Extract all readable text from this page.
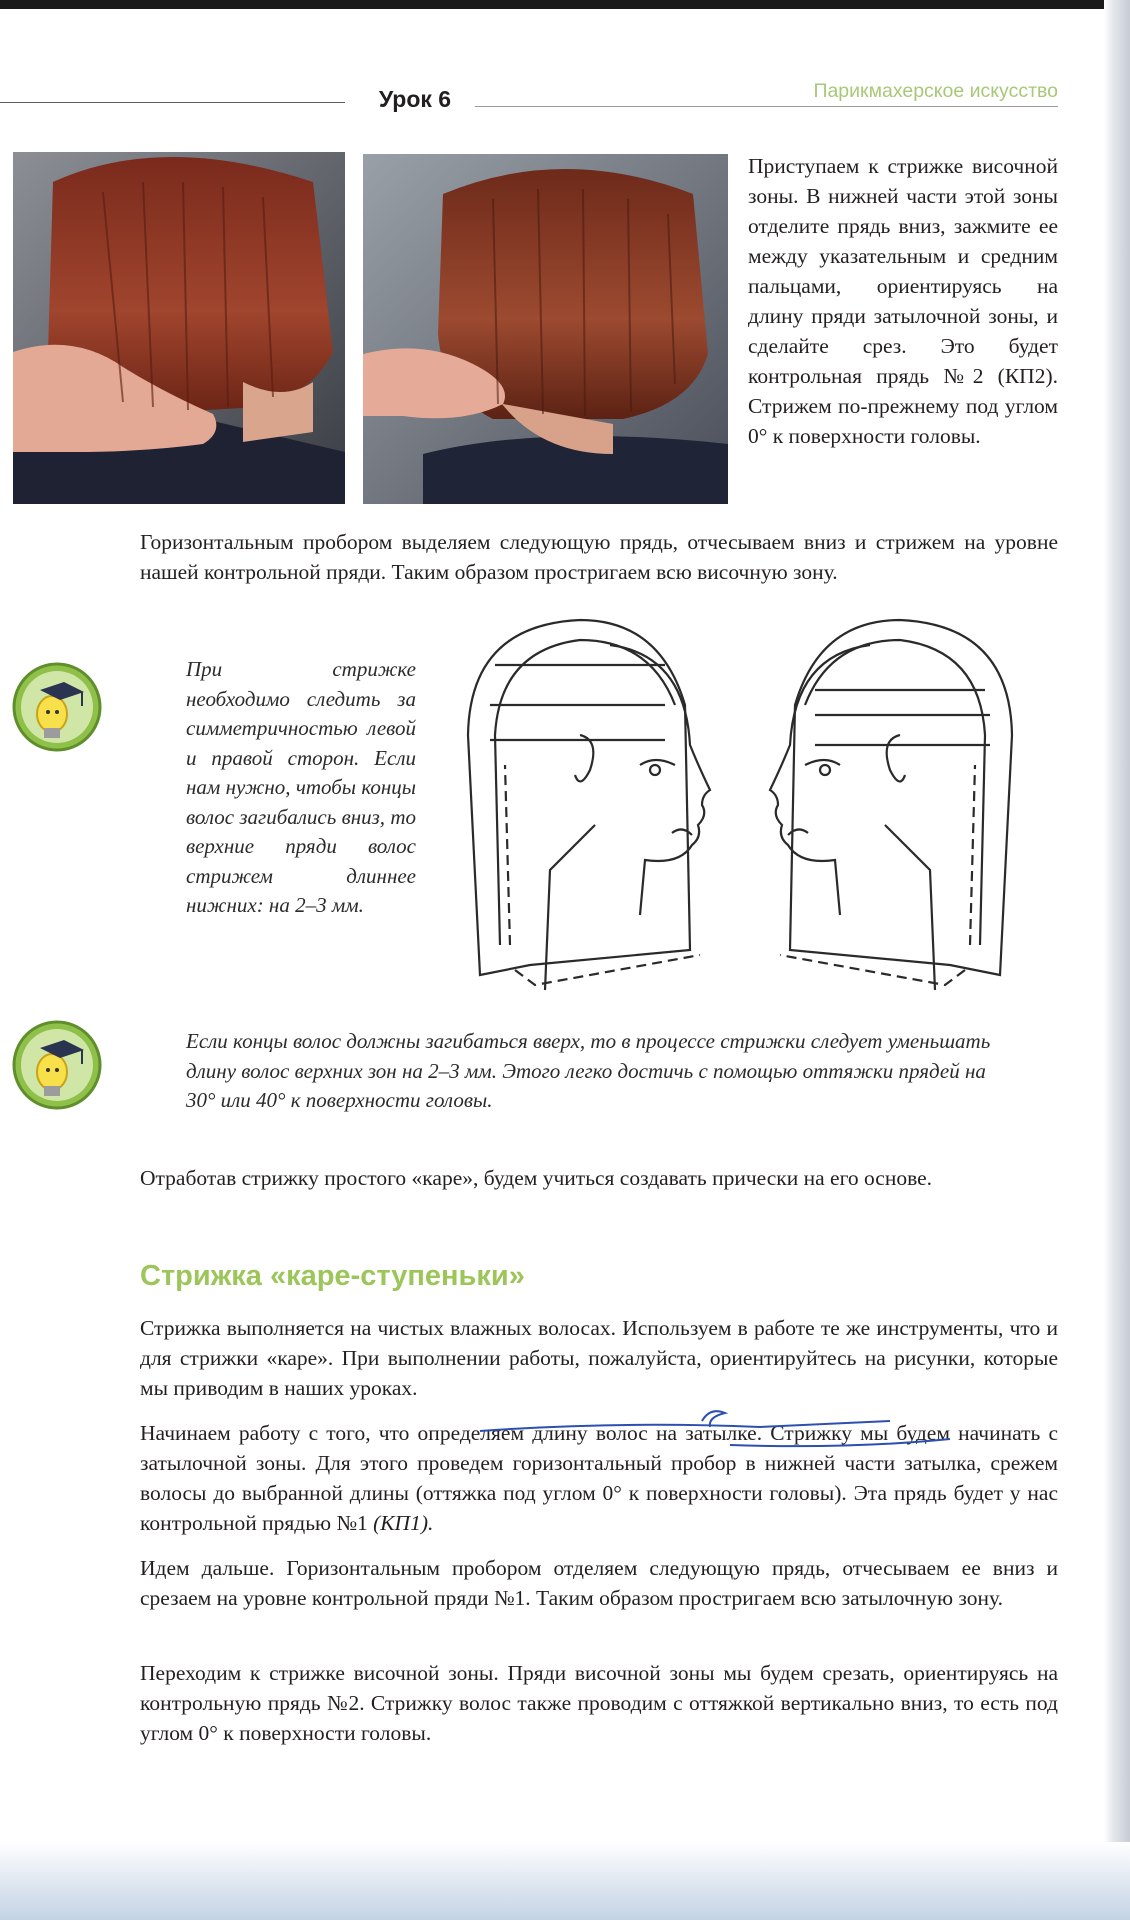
Урок 6	Парикмахерское искусство
Приступаем к стрижке височной зоны. В нижней части этой зоны отделите прядь вниз, зажмите ее между указательным и средним пальцами, ориентируясь на длину пряди затылочной зоны, и сделайте срез. Это будет контрольная прядь №2 (КП2). Стрижем по-прежнему под углом 0° к поверхности головы.
Горизонтальным пробором выделяем следующую прядь, отчесываем вниз и стрижем на уровне нашей контрольной пряди. Таким образом простригаем всю височную зону.
При стрижке необходимо следить за симметричностью левой и правой сторон. Если нам нужно, чтобы концы волос загибались вниз, то верхние пряди волос стрижем длиннее нижних: на 2–3 мм.
Если концы волос должны загибаться вверх, то в процессе стрижки следует уменьшать длину волос верхних зон на 2–3 мм. Этого легко достичь с помощью оттяжки прядей на 30° или 40° к поверхности головы.
Отработав стрижку простого «каре», будем учиться создавать прически на его основе.
Стрижка «каре-ступеньки»
Стрижка выполняется на чистых влажных волосах. Используем в работе те же инструменты, что и для стрижки «каре». При выполнении работы, пожалуйста, ориентируйтесь на рисунки, которые мы приводим в наших уроках.
Начинаем работу с того, что определяем длину волос на затылке. Стрижку мы будем начинать с затылочной зоны. Для этого проведем горизонтальный пробор в нижней части затылка, срежем волосы до выбранной длины (оттяжка под углом 0° к поверхности головы). Эта прядь будет у нас контрольной прядью №1 (КП1).
Идем дальше. Горизонтальным пробором отделяем следующую прядь, отчесываем ее вниз и срезаем на уровне контрольной пряди №1. Таким образом простригаем всю затылочную зону.
Переходим к стрижке височной зоны. Пряди височной зоны мы будем срезать, ориентируясь на контрольную прядь №2. Стрижку волос также проводим с оттяжкой вертикально вниз, то есть под углом 0° к поверхности головы.
